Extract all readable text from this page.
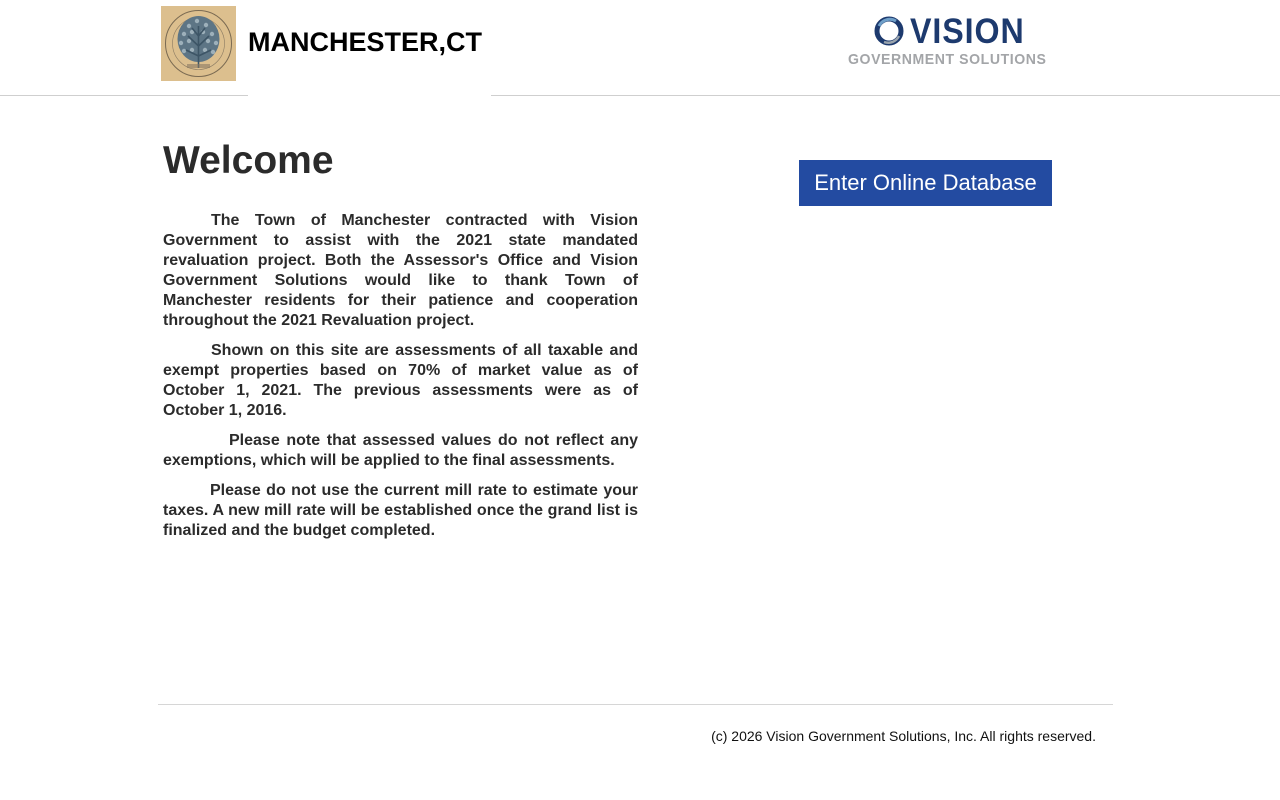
MANCHESTER,CT	VISION
GOVERNMENT SOLUTIONS
Welcome

The Town of Manchester contracted with Vision Government to assist with the 2021 state mandated revaluation project. Both the Assessor's Office and Vision Government Solutions would like to thank Town of Manchester residents for their patience and cooperation throughout the 2021 Revaluation project.

Shown on this site are assessments of all taxable and exempt properties based on 70% of market value as of October 1, 2021. The previous assessments were as of October 1, 2016.

Please note that assessed values do not reflect any exemptions, which will be applied to the final assessments.

Please do not use the current mill rate to estimate your taxes. A new mill rate will be established once the grand list is finalized and the budget completed.

Enter Online Database
(c) 2026 Vision Government Solutions, Inc. All rights reserved.
